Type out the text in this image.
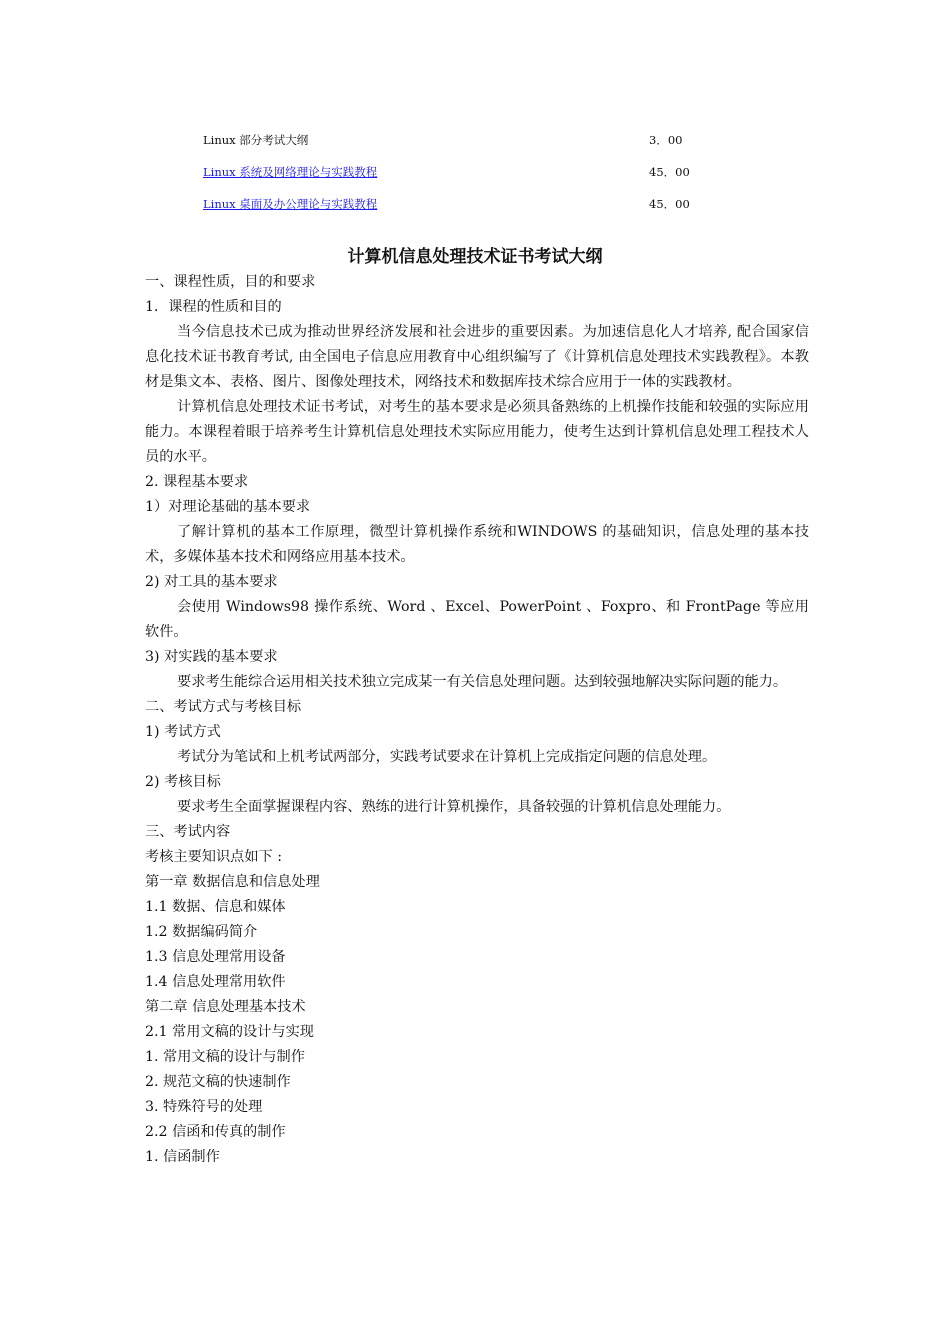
Linux 部分考试大纲	3．00
Linux 系统及网络理论与实践教程	45．00
Linux 桌面及办公理论与实践教程	45．00
计算机信息处理技术证书考试大纲

一、课程性质，目的和要求

1．课程的性质和目的

当今信息技术已成为推动世界经济发展和社会进步的重要因素。为加速信息化人才培养, 配合国家信息化技术证书教育考试, 由全国电子信息应用教育中心组织编写了《计算机信息处理技术实践教程》。本教材是集文本、表格、图片、图像处理技术，网络技术和数据库技术综合应用于一体的实践教材。

计算机信息处理技术证书考试，对考生的基本要求是必须具备熟练的上机操作技能和较强的实际应用能力。本课程着眼于培养考生计算机信息处理技术实际应用能力，使考生达到计算机信息处理工程技术人员的水平。

2. 课程基本要求

1）对理论基础的基本要求

了解计算机的基本工作原理，微型计算机操作系统和WINDOWS 的基础知识，信息处理的基本技术，多媒体基本技术和网络应用基本技术。

2) 对工具的基本要求

会使用 Windows98 操作系统、Word 、Excel、PowerPoint 、Foxpro、和 FrontPage 等应用软件。

3) 对实践的基本要求

要求考生能综合运用相关技术独立完成某一有关信息处理问题。达到较强地解决实际问题的能力。

二、考试方式与考核目标

1) 考试方式

考试分为笔试和上机考试两部分，实践考试要求在计算机上完成指定问题的信息处理。

2) 考核目标

要求考生全面掌握课程内容、熟练的进行计算机操作，具备较强的计算机信息处理能力。

三、考试内容

考核主要知识点如下 :

第一章 数据信息和信息处理

1.1 数据、信息和媒体

1.2 数据编码简介

1.3 信息处理常用设备

1.4 信息处理常用软件

第二章 信息处理基本技术

2.1 常用文稿的设计与实现

1. 常用文稿的设计与制作

2. 规范文稿的快速制作

3. 特殊符号的处理

2.2 信函和传真的制作

1. 信函制作
